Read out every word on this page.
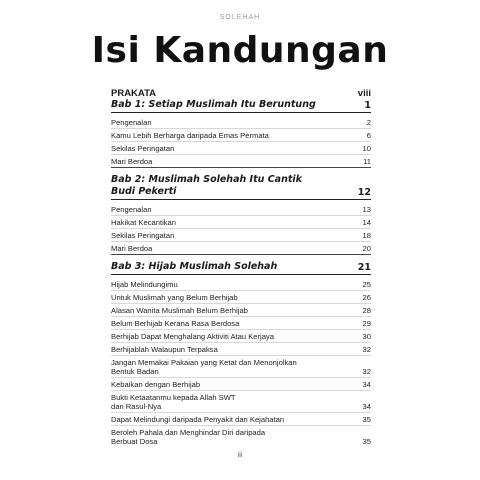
SOLEHAH
Isi Kandungan
PRAKATA	viii
Bab 1: Setiap Muslimah Itu Beruntung	1
Pengenalan	2
Kamu Lebih Berharga daripada Emas Permata	6
Sekilas Peringatan	10
Mari Berdoa	11
Bab 2: Muslimah Solehah Itu Cantik
Budi Pekerti	12
Pengenalan	13
Hakikat Kecantikan	14
Sekilas Peringatan	18
Mari Berdoa	20
Bab 3: Hijab Muslimah Solehah	21
Hijab Melindungimu	25
Untuk Muslimah yang Belum Berhijab	26
Alasan Wanita Muslimah Belum Berhijab	28
Belum Berhijab Kerana Rasa Berdosa	29
Berhijab Dapat Menghalang Aktiviti Atau Kerjaya	30
Berhijablah Walaupun Terpaksa	32
Jangan Memakai Pakaian yang Ketat dan Menonjolkan
Bentuk Badan	32
Kebaikan dengan Berhijab	34
Bukti Ketaatanmu kepada Allah SWT
dan Rasul-Nya	34
Dapat Melindungi daripada Penyakit dan Kejahatan	35
Beroleh Pahala dan Menghindar Diri daripada
Berbuat Dosa	35
iii
